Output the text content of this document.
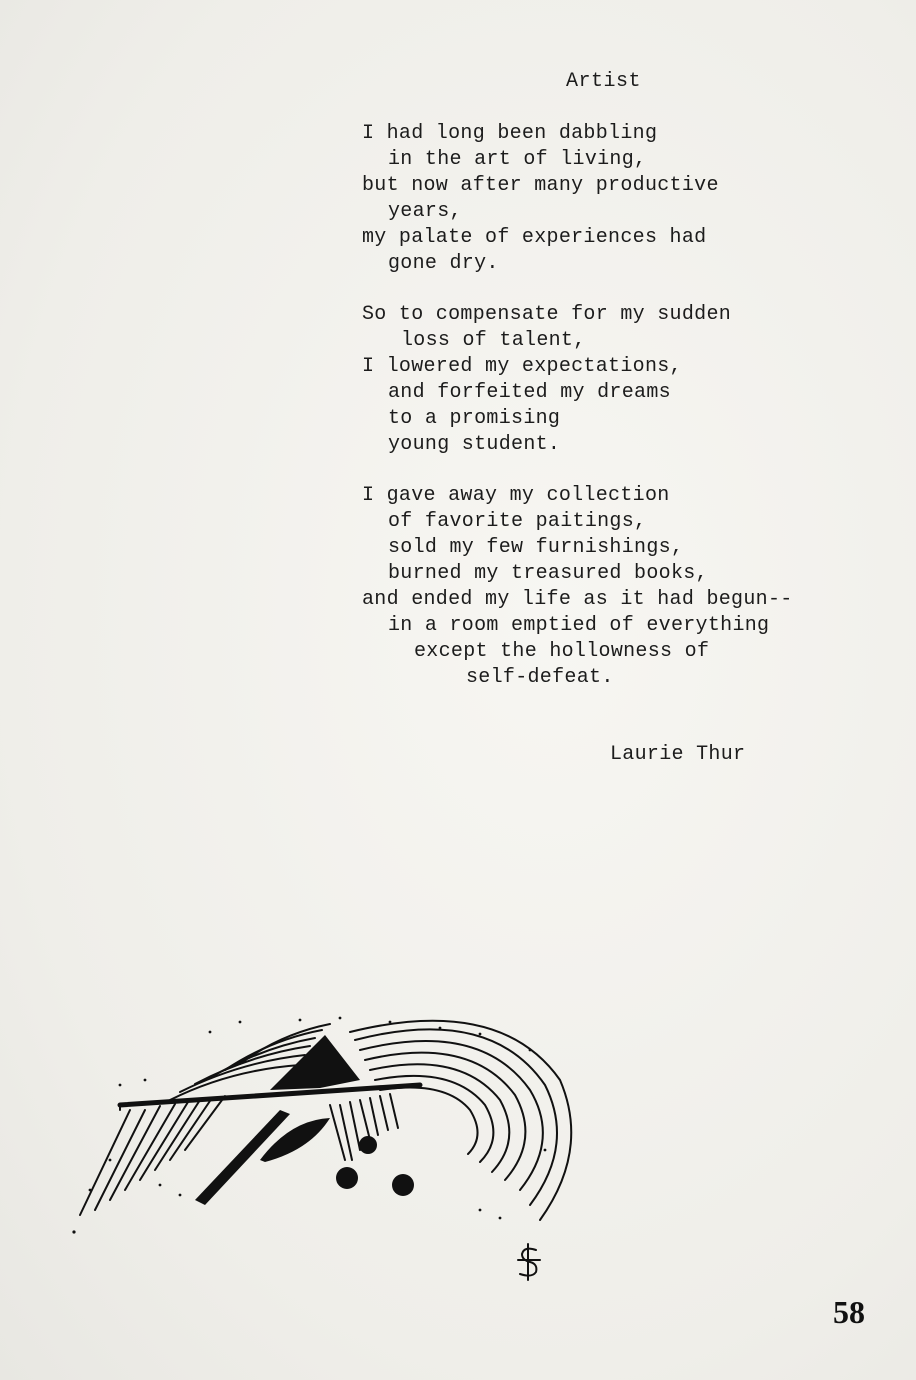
Artist
I had long been dabbling
in the art of living,
but now after many productive
years,
my palate of experiences had
gone dry.
So to compensate for my sudden
loss of talent,
I lowered my expectations,
and forfeited my dreams
to a promising
young student.
I gave away my collection
of favorite paitings,
sold my few furnishings,
burned my treasured books,
and ended my life as it had begun--
in a room emptied of everything
except the hollowness of
self-defeat.
Laurie Thur
58
